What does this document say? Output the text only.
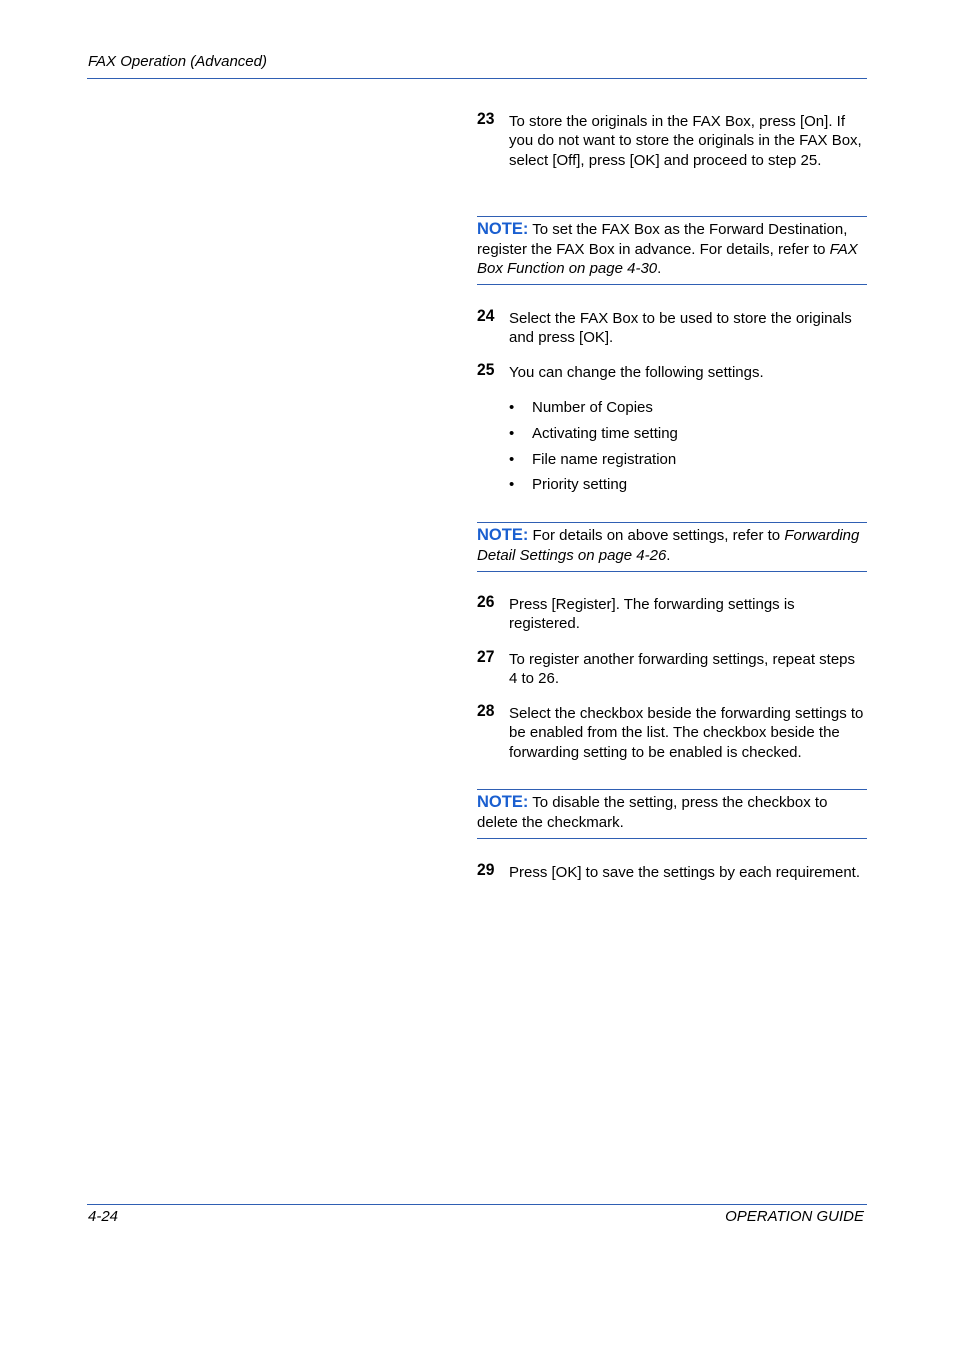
FAX Operation (Advanced)
23 To store the originals in the FAX Box, press [On]. If you do not want to store the originals in the FAX Box, select [Off], press [OK] and proceed to step 25.
NOTE: To set the FAX Box as the Forward Destination, register the FAX Box in advance. For details, refer to FAX Box Function on page 4-30.
24 Select the FAX Box to be used to store the originals and press [OK].
25 You can change the following settings.
• Number of Copies
• Activating time setting
• File name registration
• Priority setting
NOTE: For details on above settings, refer to Forwarding Detail Settings on page 4-26.
26 Press [Register]. The forwarding settings is registered.
27 To register another forwarding settings, repeat steps 4 to 26.
28 Select the checkbox beside the forwarding settings to be enabled from the list. The checkbox beside the forwarding setting to be enabled is checked.
NOTE: To disable the setting, press the checkbox to delete the checkmark.
29 Press [OK] to save the settings by each requirement.
4-24	OPERATION GUIDE
